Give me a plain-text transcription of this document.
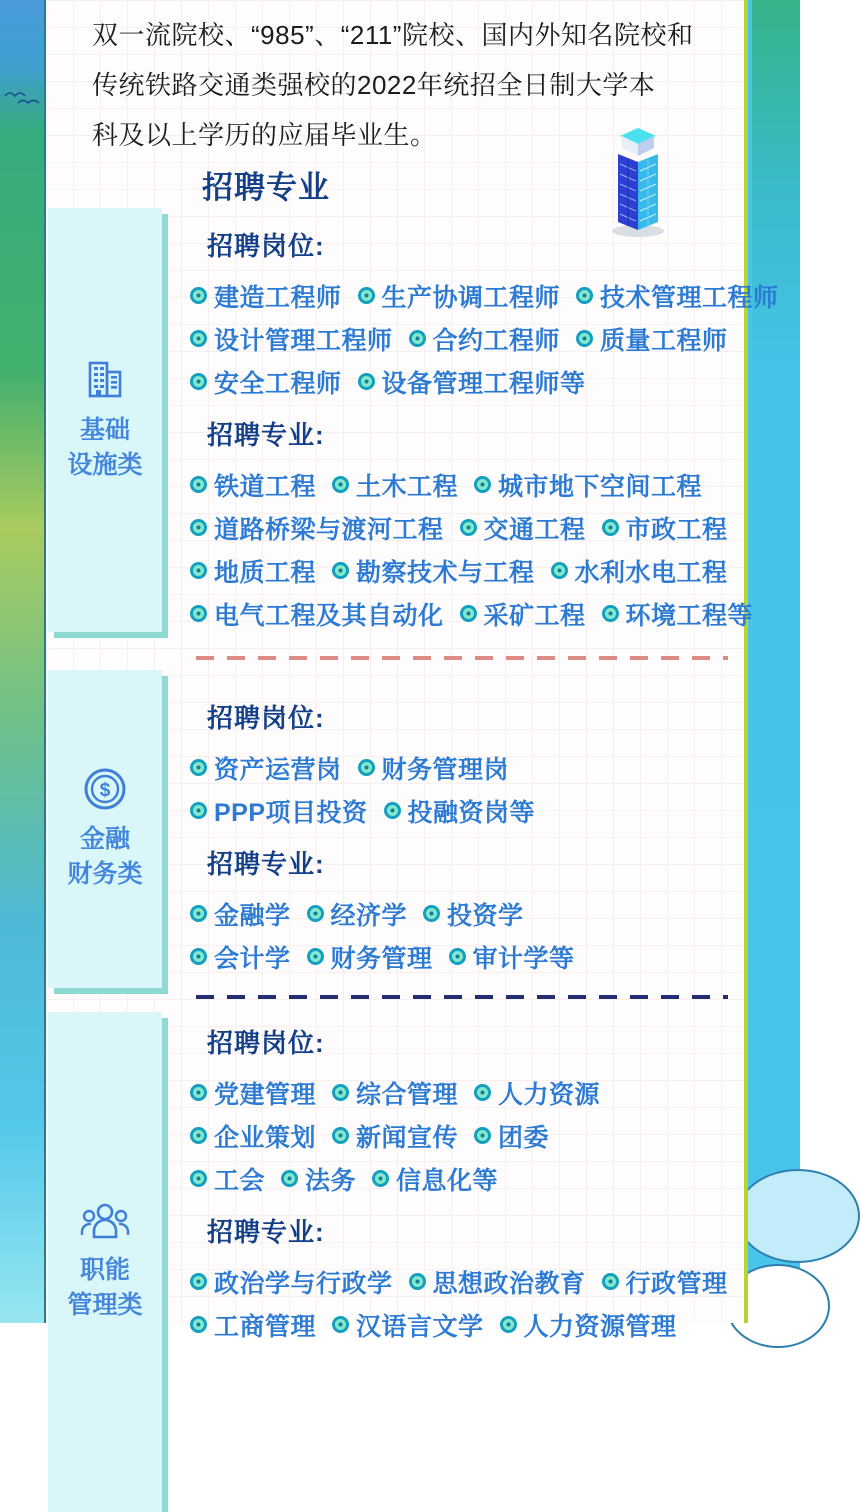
双一流院校、“985”、“211”院校、国内外知名院校和
传统铁路交通类强校的2022年统招全日制大学本
科及以上学历的应届毕业生。

招聘专业
基础
设施类
招聘岗位:
建造工程师 生产协调工程师 技术管理工程师
设计管理工程师 合约工程师 质量工程师
安全工程师 设备管理工程师等
招聘专业:
铁道工程 土木工程 城市地下空间工程
道路桥梁与渡河工程 交通工程 市政工程
地质工程 勘察技术与工程 水利水电工程
电气工程及其自动化 采矿工程 环境工程等
$
金融
财务类
招聘岗位:
资产运营岗 财务管理岗
PPP项目投资 投融资岗等
招聘专业:
金融学 经济学 投资学
会计学 财务管理 审计学等
职能
管理类
招聘岗位:
党建管理 综合管理 人力资源
企业策划 新闻宣传 团委
工会 法务 信息化等
招聘专业:
政治学与行政学 思想政治教育 行政管理
工商管理 汉语言文学 人力资源管理
